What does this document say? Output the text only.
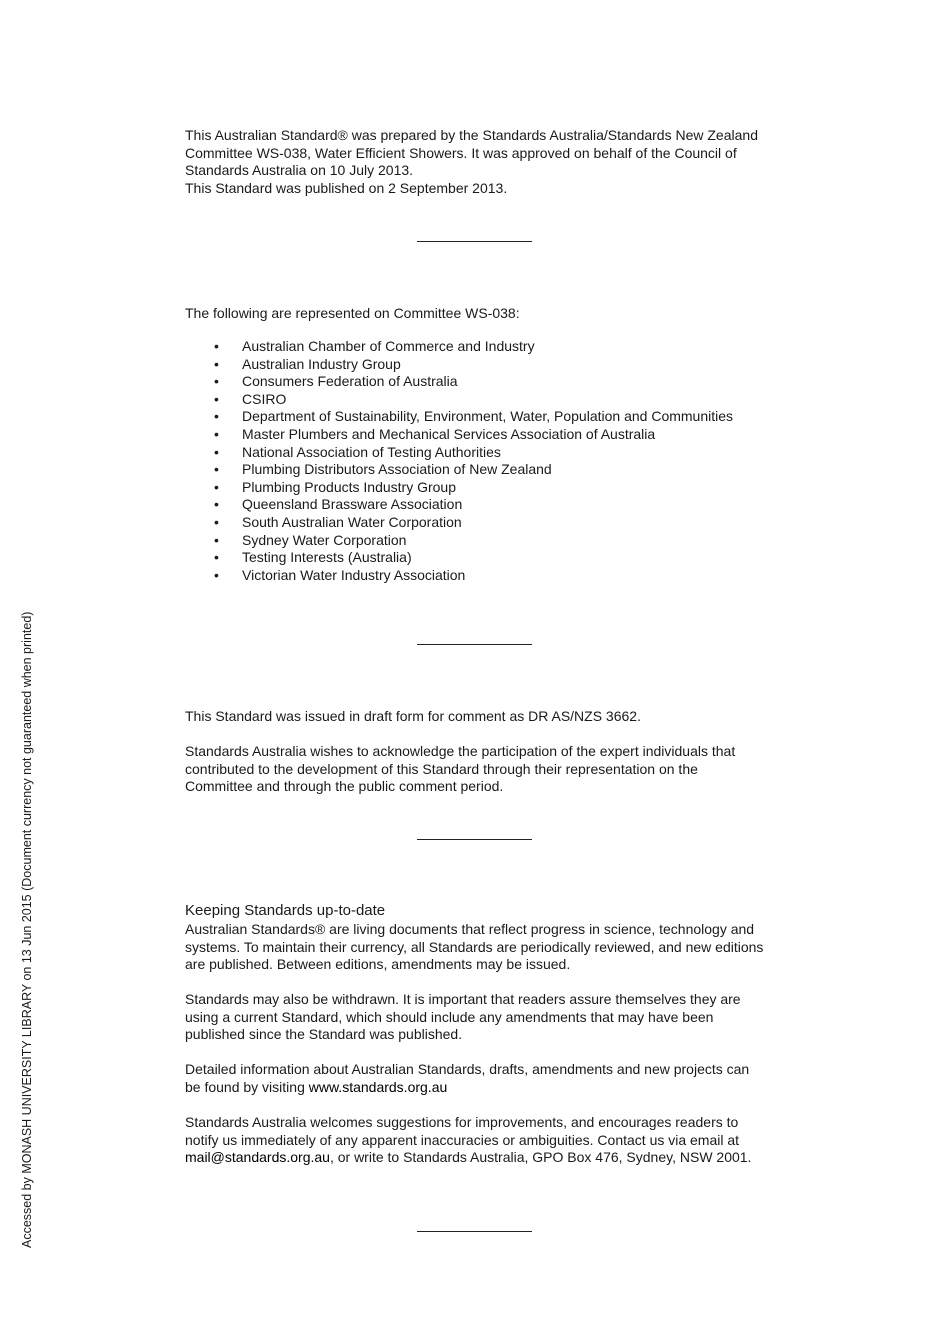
This Australian Standard® was prepared by the Standards Australia/Standards New Zealand
Committee WS-038, Water Efficient Showers. It was approved on behalf of the Council of
Standards Australia on 10 July 2013.
This Standard was published on 2 September 2013.
The following are represented on Committee WS-038:
• Australian Chamber of Commerce and Industry
• Australian Industry Group
• Consumers Federation of Australia
• CSIRO
• Department of Sustainability, Environment, Water, Population and Communities
• Master Plumbers and Mechanical Services Association of Australia
• National Association of Testing Authorities
• Plumbing Distributors Association of New Zealand
• Plumbing Products Industry Group
• Queensland Brassware Association
• South Australian Water Corporation
• Sydney Water Corporation
• Testing Interests (Australia)
• Victorian Water Industry Association
This Standard was issued in draft form for comment as DR AS/NZS 3662.
Standards Australia wishes to acknowledge the participation of the expert individuals that
contributed to the development of this Standard through their representation on the
Committee and through the public comment period.
Keeping Standards up-to-date
Australian Standards® are living documents that reflect progress in science, technology and
systems. To maintain their currency, all Standards are periodically reviewed, and new editions
are published. Between editions, amendments may be issued.
Standards may also be withdrawn. It is important that readers assure themselves they are
using a current Standard, which should include any amendments that may have been
published since the Standard was published.
Detailed information about Australian Standards, drafts, amendments and new projects can
be found by visiting www.standards.org.au
Standards Australia welcomes suggestions for improvements, and encourages readers to
notify us immediately of any apparent inaccuracies or ambiguities. Contact us via email at
mail@standards.org.au, or write to Standards Australia, GPO Box 476, Sydney, NSW 2001.
Accessed by MONASH UNIVERSITY LIBRARY on 13 Jun 2015 (Document currency not guaranteed when printed)
